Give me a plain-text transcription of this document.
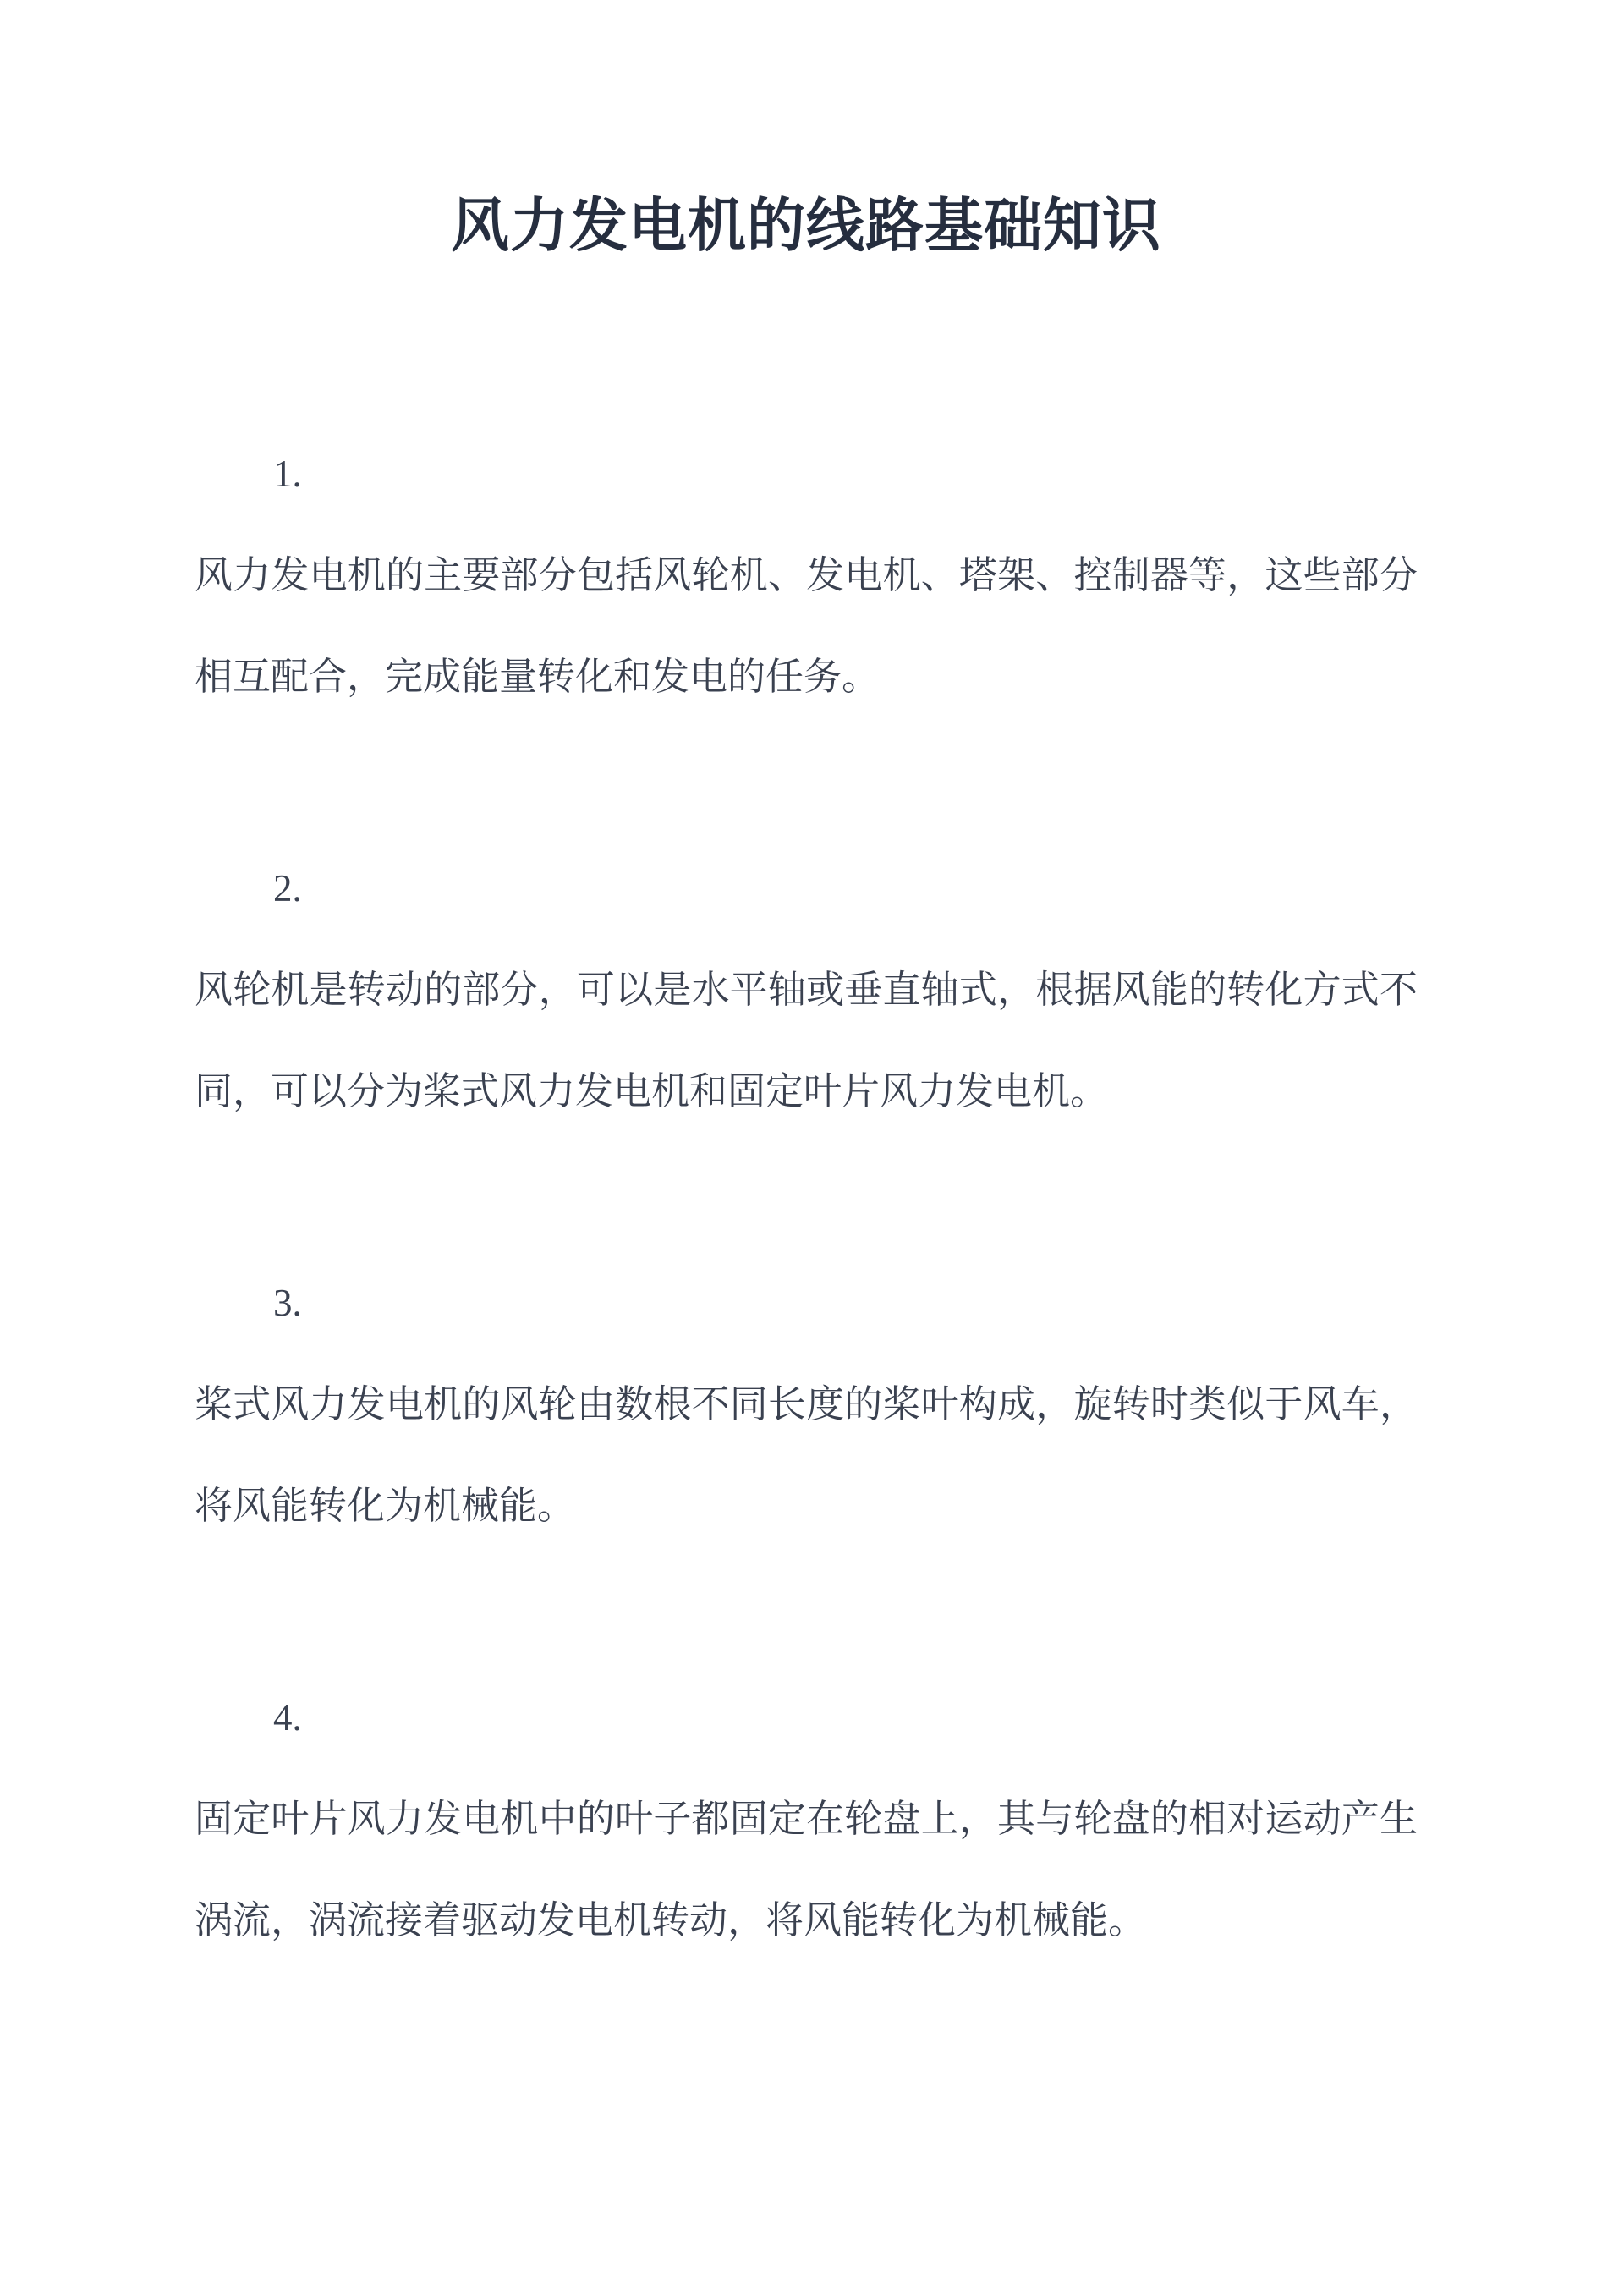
风力发电机的线路基础知识
1.
风力发电机的主要部分包括风轮机、发电机、塔架、控制器等，这些部分相互配合，完成能量转化和发电的任务。
2.
风轮机是转动的部分，可以是水平轴或垂直轴式，根据风能的转化方式不同，可以分为桨式风力发电机和固定叶片风力发电机。
3.
桨式风力发电机的风轮由数根不同长度的桨叶构成，旋转时类似于风车，将风能转化为机械能。
4.
固定叶片风力发电机中的叶子都固定在轮盘上，其与轮盘的相对运动产生涡流，涡流接着驱动发电机转动，将风能转化为机械能。
